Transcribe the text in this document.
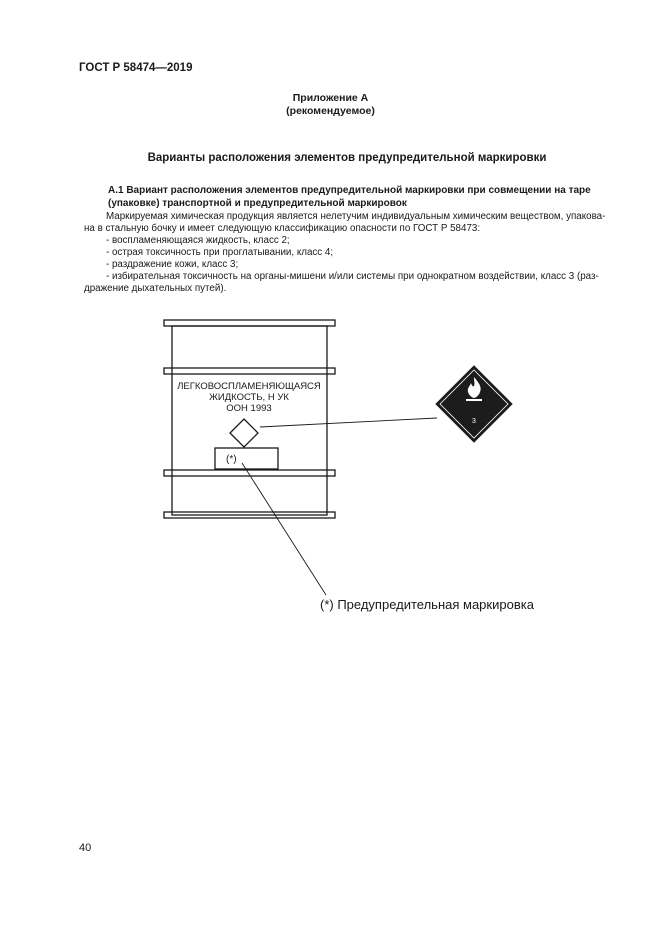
ГОСТ Р 58474—2019
Приложение А
(рекомендуемое)
Варианты расположения элементов предупредительной маркировки
А.1 Вариант расположения элементов предупредительной маркировки при совмещении на таре
(упаковке) транспортной и предупредительной маркировок
Маркируемая химическая продукция является нелетучим индивидуальным химическим веществом, упакова-
на в стальную бочку и имеет следующую классификацию опасности по ГОСТ Р 58473:
- воспламеняющаяся жидкость, класс 2;
- острая токсичность при проглатывании, класс 4;
- раздражение кожи, класс 3;
- избирательная токсичность на органы-мишени и/или системы при однократном воздействии, класс 3 (раз-
дражение дыхательных путей).
3
ЛЕГКОВОСПЛАМЕНЯЮЩАЯСЯ
ЖИДКОСТЬ, Н УК
ООН 1993
(*)
(*) Предупредительная маркировка
40
